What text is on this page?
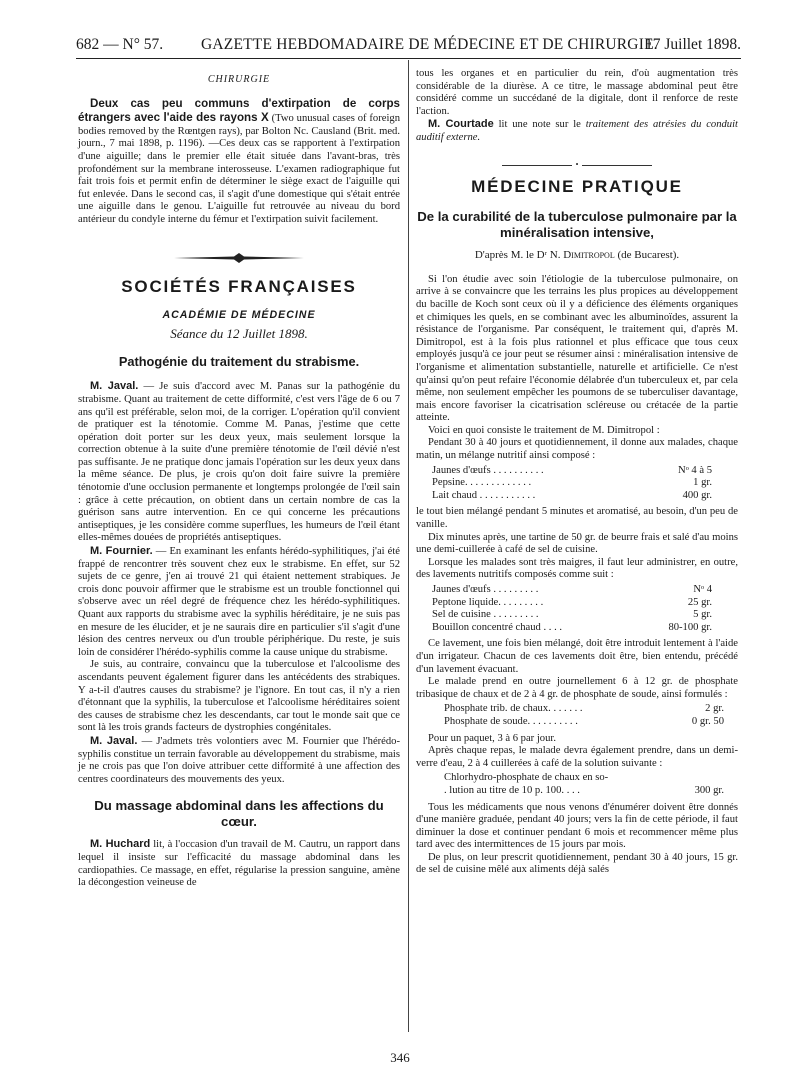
682 — N° 57. GAZETTE HEBDOMADAIRE DE MÉDECINE ET DE CHIRURGIE.
17 Juillet 1898.
CHIRURGIE

Deux cas peu communs d'extirpation de corps étrangers avec l'aide des rayons X (Two unusual cases of foreign bodies removed by the Rœntgen rays), par Bolton Nc. Causland (Brit. med. journ., 7 mai 1898, p. 1196). —Ces deux cas se rapportent à l'extirpation d'une aiguille; dans le premier elle était située dans l'avant-bras, très profondément sur la membrane interosseuse. L'examen radiographique fut fait trois fois et permit enfin de déterminer le siège exact de l'aiguille qui fut enlevée. Dans le second cas, il s'agit d'une domestique qui s'était entrée une aiguille dans le genou. L'aiguille fut retrouvée au niveau du bord antérieur du condyle interne du fémur et l'extirpation suivit facilement.

SOCIÉTÉS FRANÇAISES
ACADÉMIE DE MÉDECINE
Séance du 12 Juillet 1898.
Pathogénie du traitement du strabisme.

M. Javal. — Je suis d'accord avec M. Panas sur la pathogénie du strabisme. Quant au traitement de cette difformité, c'est vers l'âge de 6 ou 7 ans qu'il est préférable, selon moi, de la corriger. L'opération qu'il convient de pratiquer est la ténotomie. Comme M. Panas, j'estime que cette opération doit porter sur les deux yeux, mais seulement lorsque la correction obtenue à la suite d'une première ténotomie de l'œil dévié n'est pas suffisante. Je ne pratique donc jamais l'opération sur les deux yeux dans la même séance. De plus, je crois qu'on doit faire suivre la première ténotomie d'une occlusion permanente et longtemps prolongée de l'œil sain : grâce à cette précaution, on obtient dans un certain nombre de cas la guérison sans autre intervention. En ce qui concerne les précautions antiseptiques, je les considère comme superflues, les humeurs de l'œil étant elles-mêmes douées de propriétés antiseptiques.

M. Fournier. — En examinant les enfants hérédo-syphilitiques, j'ai été frappé de rencontrer très souvent chez eux le strabisme. En effet, sur 52 sujets de ce genre, j'en ai trouvé 21 qui étaient nettement strabiques. Je crois donc pouvoir affirmer que le strabisme est un trouble fonctionnel qui s'observe avec un réel degré de fréquence chez les hérédo-syphilitiques. Quant aux rapports du strabisme avec la syphilis héréditaire, je ne suis pas en mesure de les élucider, et je ne saurais dire en particulier s'il s'agit d'une lésion des centres nerveux ou d'un trouble périphérique. Du reste, je suis loin de considérer l'hérédo-syphilis comme la cause unique du strabisme.

Je suis, au contraire, convaincu que la tuberculose et l'alcoolisme des ascendants peuvent également figurer dans les antécédents des strabiques. Y a-t-il d'autres causes du strabisme? je l'ignore. En tout cas, il n'y a rien d'étonnant que la syphilis, la tuberculose et l'alcoolisme héréditaires soient des causes de strabisme chez les descendants, car tout le monde sait que ce sont là les trois grands facteurs de dystrophies congénitales.

M. Javal. — J'admets très volontiers avec M. Fournier que l'hérédo-syphilis constitue un terrain favorable au développement du strabisme, mais je ne crois pas que l'on doive attribuer cette difformité à une affection des centres coordinateurs des mouvements des yeux.

Du massage abdominal dans les affections du cœur.

M. Huchard lit, à l'occasion d'un travail de M. Cautru, un rapport dans lequel il insiste sur l'efficacité du massage abdominal dans les cardiopathies. Ce massage, en effet, régularise la pression sanguine, amène la décongestion veineuse de

tous les organes et en particulier du rein, d'où augmentation très considérable de la diurèse. A ce titre, le massage abdominal peut être considéré comme un succédané de la digitale, dont il renforce de reste l'action.

M. Courtade lit une note sur le traitement des atrésies du conduit auditif externe.

•
MÉDECINE PRATIQUE
De la curabilité de la tuberculose pulmonaire par la minéralisation intensive,
D'après M. le Dʳ N. Dimitropol (de Bucarest).

Si l'on étudie avec soin l'étiologie de la tuberculose pulmonaire, on arrive à se convaincre que les terrains les plus propices au développement du bacille de Koch sont ceux où il y a déficience des éléments organiques et chimiques les quels, en se combinant avec les albuminoïdes, assurent la résistance de l'organisme. Par conséquent, le traitement qui, d'après M. Dimitropol, est à la fois plus rationnel et plus efficace que tous ceux employés jusqu'à ce jour peut se résumer ainsi : minéralisation intensive de l'organisme et alimentation substantielle, naturelle et artificielle. Ce n'est qu'ainsi qu'on peut refaire l'économie délabrée d'un tuberculeux et, par cela même, non seulement empêcher les poumons de se tuberculiser davantage, mais encore favoriser la cicatrisation scléreuse ou crétacée de la partie atteinte.

Voici en quoi consiste le traitement de M. Dimitropol :

Pendant 30 à 40 jours et quotidiennement, il donne aux malades, chaque matin, un mélange nutritif ainsi composé :

Jaunes d'œufs . . . . . . . . . .	Nᵒ 4 à 5
Pepsine. . . . . . . . . . . . .	1 gr.
Lait chaud . . . . . . . . . . .	400 gr.

le tout bien mélangé pendant 5 minutes et aromatisé, au besoin, d'un peu de vanille.

Dix minutes après, une tartine de 50 gr. de beurre frais et salé d'au moins une demi-cuillerée à café de sel de cuisine.

Lorsque les malades sont très maigres, il faut leur administrer, en outre, des lavements nutritifs composés comme suit :

Jaunes d'œufs . . . . . . . . .	Nᵒ 4
Peptone liquide. . . . . . . . .	25 gr.
Sel de cuisine . . . . . . . . .	5 gr.
Bouillon concentré chaud . . . .	80-100 gr.

Ce lavement, une fois bien mélangé, doit être introduit lentement à l'aide d'un irrigateur. Chacun de ces lavements doit être, bien entendu, précédé d'un lavement évacuant.

Le malade prend en outre journellement 6 à 12 gr. de phosphate tribasique de chaux et de 2 à 4 gr. de phosphate de soude, ainsi formulés :

Phosphate trib. de chaux. . . . . . .	2 gr.
Phosphate de soude. . . . . . . . . .	0 gr. 50

Pour un paquet, 3 à 6 par jour.

Après chaque repas, le malade devra également prendre, dans un demi-verre d'eau, 2 à 4 cuillerées à café de la solution suivante :

Chlorhydro-phosphate de chaux en so-	
. lution au titre de 10 p. 100. . . .	300 gr.

Tous les médicaments que nous venons d'énumérer doivent être donnés d'une manière graduée, pendant 40 jours; vers la fin de cette période, il faut diminuer la dose et continuer pendant 6 mois et recommencer même plus tard avec des intermittences de 15 jours par mois.

De plus, on leur prescrit quotidiennement, pendant 30 à 40 jours, 15 gr. de sel de cuisine mêlé aux aliments déjà salés

346
